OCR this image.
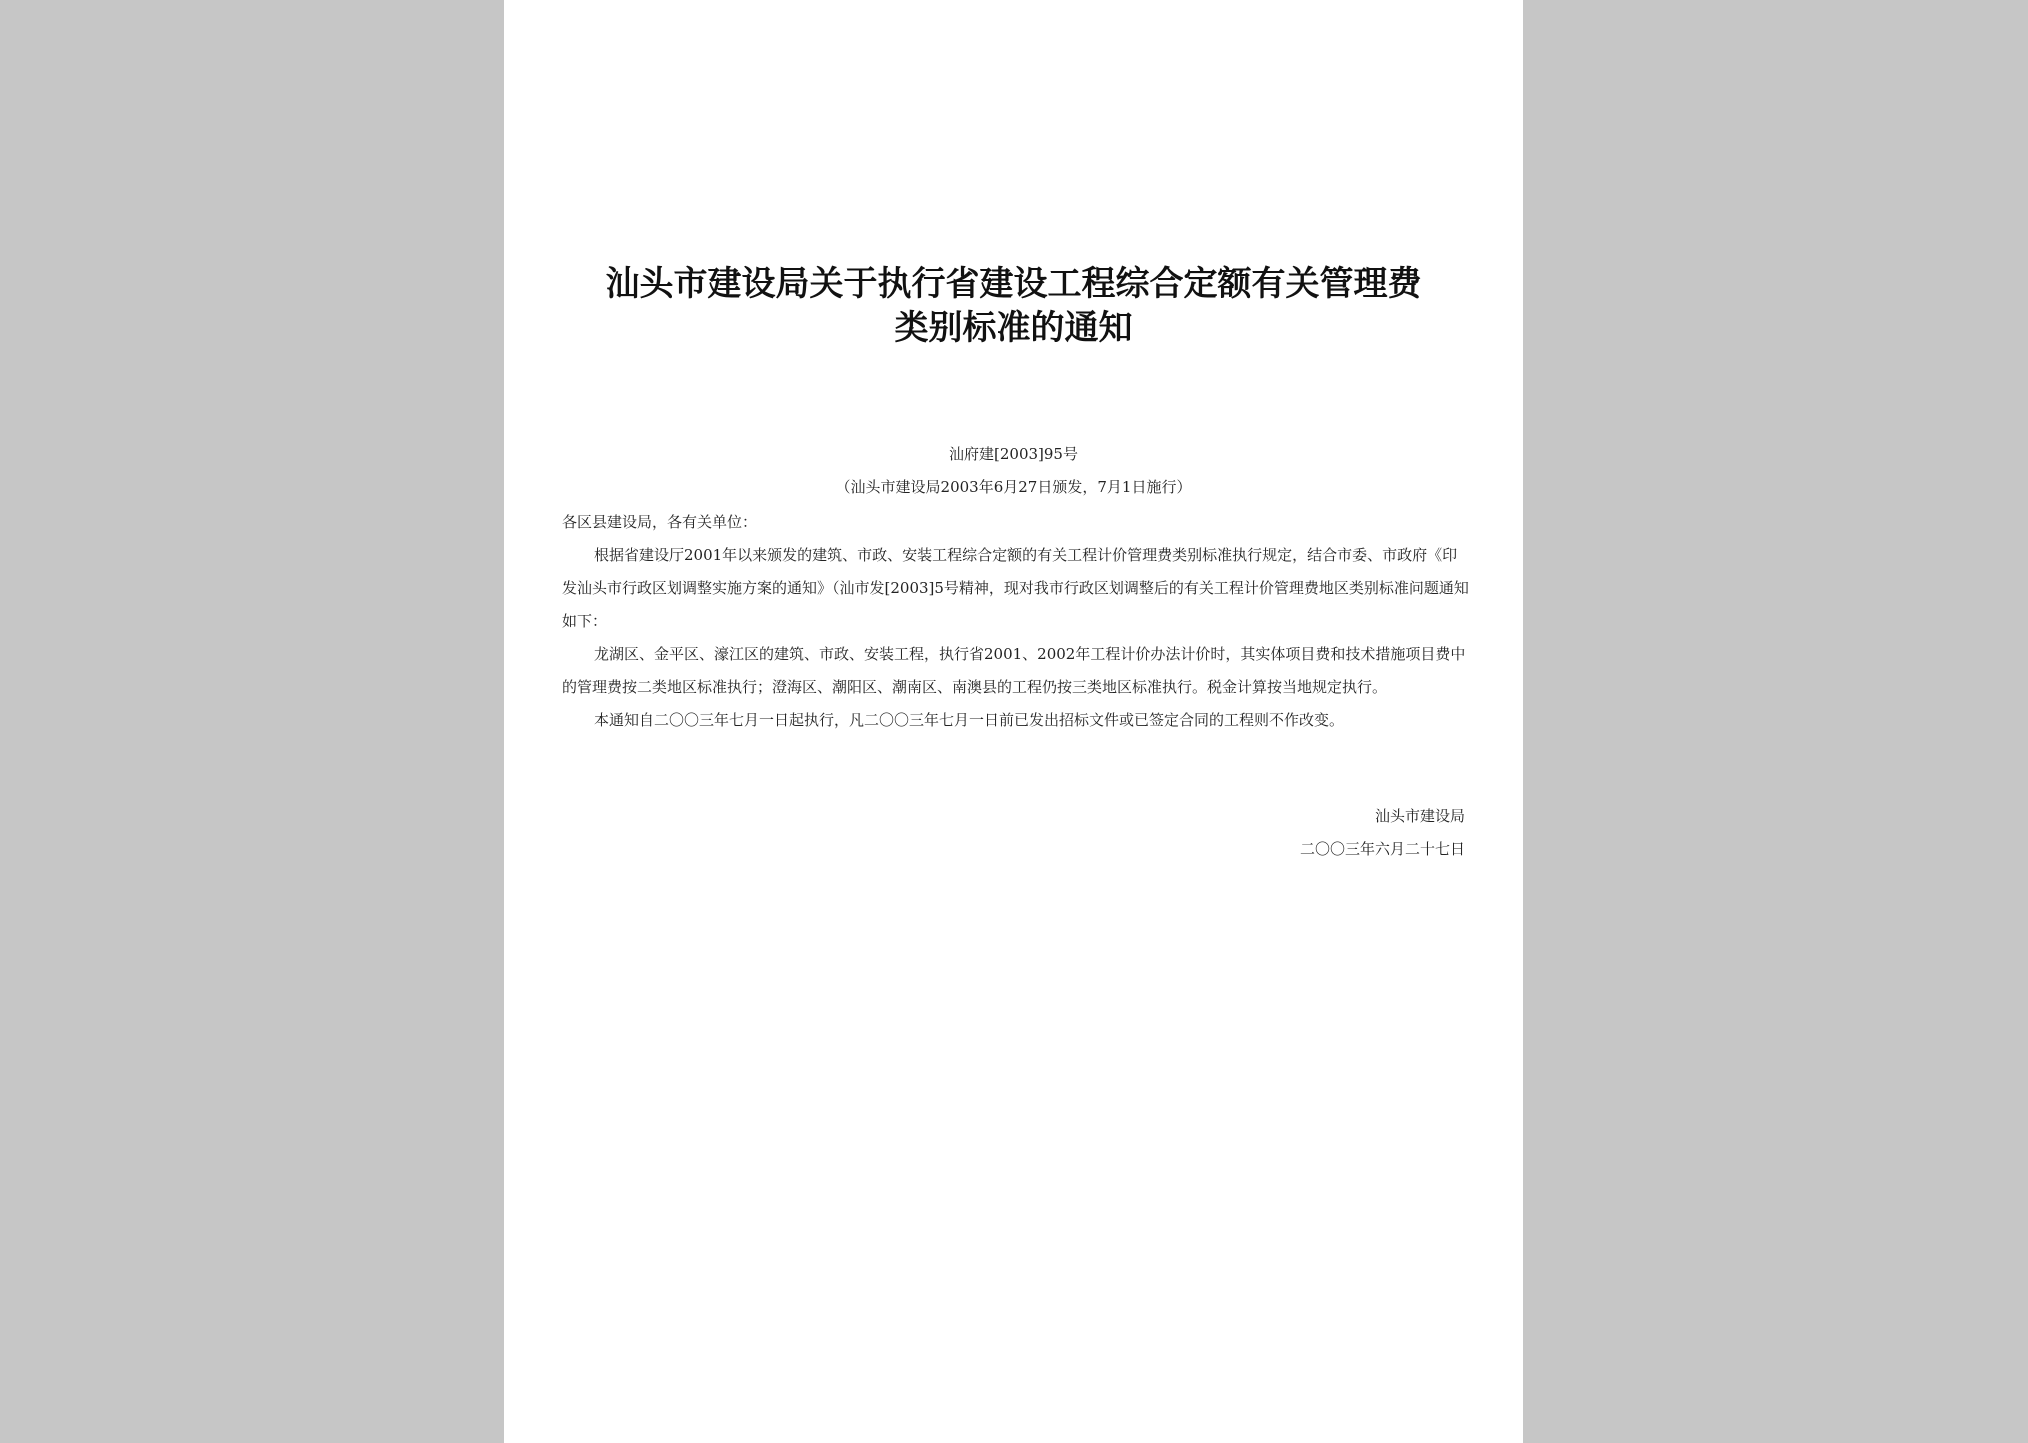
汕头市建设局关于执行省建设工程综合定额有关管理费
类别标准的通知
汕府建[2003]95号
（汕头市建设局2003年6月27日颁发，7月1日施行）

各区县建设局，各有关单位：

根据省建设厅2001年以来颁发的建筑、市政、安装工程综合定额的有关工程计价管理费类别标准执行规定，结合市委、市政府《印发汕头市行政区划调整实施方案的通知》（汕市发[2003]5号精神，现对我市行政区划调整后的有关工程计价管理费地区类别标准问题通知如下：

龙湖区、金平区、濠江区的建筑、市政、安装工程，执行省2001、2002年工程计价办法计价时，其实体项目费和技术措施项目费中的管理费按二类地区标准执行；澄海区、潮阳区、潮南区、南澳县的工程仍按三类地区标准执行。税金计算按当地规定执行。

本通知自二〇〇三年七月一日起执行，凡二〇〇三年七月一日前已发出招标文件或已签定合同的工程则不作改变。

汕头市建设局
二〇〇三年六月二十七日
